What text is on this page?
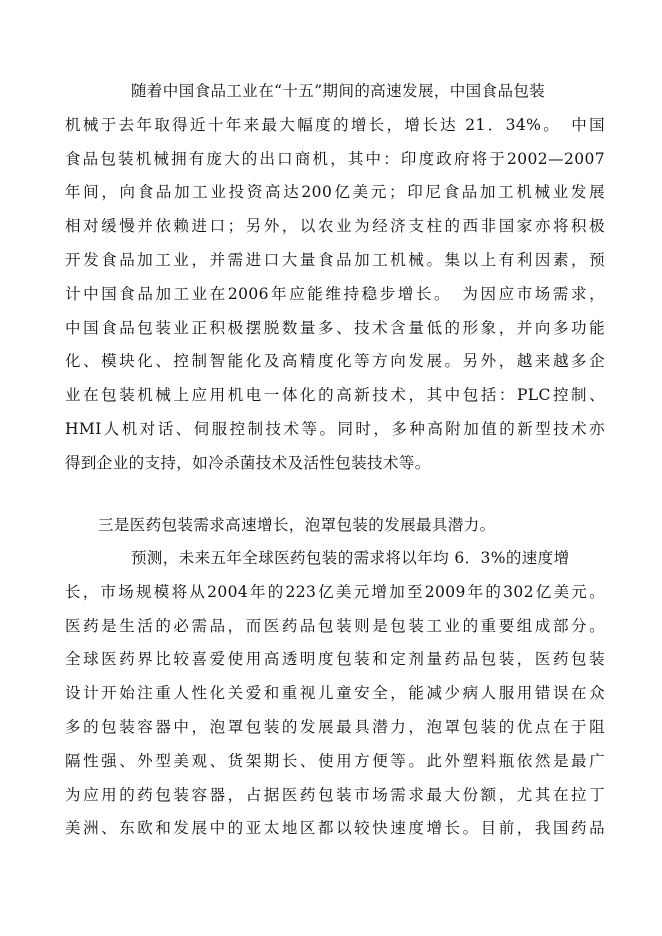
随着中国食品工业在“十五”期间的高速发展，中国食品包装
机械于去年取得近十年来最大幅度的增长，增长达 21．34%。　中国
食品包装机械拥有庞大的出口商机，其中：印度政府将于2002—2007
年间，向食品加工业投资高达200亿美元；印尼食品加工机械业发展
相对缓慢并依赖进口；另外，以农业为经济支柱的西非国家亦将积极
开发食品加工业，并需进口大量食品加工机械。集以上有利因素，预
计中国食品加工业在2006年应能维持稳步增长。　为因应市场需求，
中国食品包装业正积极摆脱数量多、技术含量低的形象，并向多功能
化、模块化、控制智能化及高精度化等方向发展。另外，越来越多企
业在包装机械上应用机电一体化的高新技术，其中包括：PLC控制、
HMI人机对话、伺服控制技术等。同时，多种高附加值的新型技术亦
得到企业的支持，如冷杀菌技术及活性包装技术等。
三是医药包装需求高速增长，泡罩包装的发展最具潜力。
预测，未来五年全球医药包装的需求将以年均 6．3%的速度增
长，市场规模将从2004年的223亿美元增加至2009年的302亿美元。
医药是生活的必需品，而医药品包装则是包装工业的重要组成部分。
全球医药界比较喜爱使用高透明度包装和定剂量药品包装，医药包装
设计开始注重人性化关爱和重视儿童安全，能减少病人服用错误在众
多的包装容器中，泡罩包装的发展最具潜力，泡罩包装的优点在于阻
隔性强、外型美观、货架期长、使用方便等。此外塑料瓶依然是最广
为应用的药包装容器，占据医药包装市场需求最大份额，尤其在拉丁
美洲、东欧和发展中的亚太地区都以较快速度增长。目前，我国药品
